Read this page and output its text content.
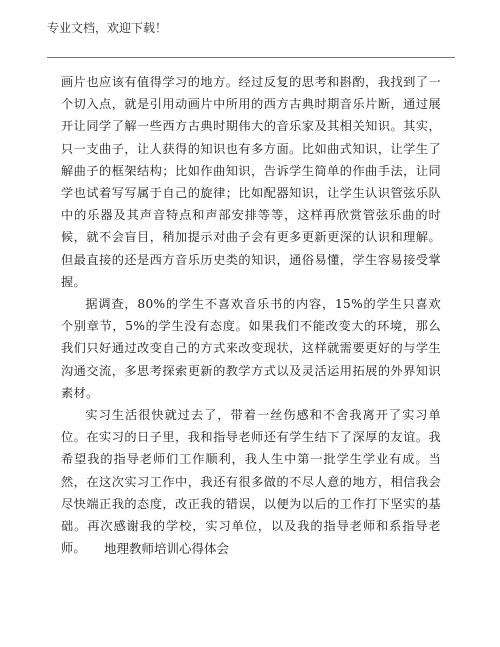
专业文档，欢迎下载！

画片也应该有值得学习的地方。经过反复的思考和斟酌，我找到了一个切入点，就是引用动画片中所用的西方古典时期音乐片断，通过展开让同学了解一些西方古典时期伟大的音乐家及其相关知识。其实，只一支曲子，让人获得的知识也有多方面。比如曲式知识，让学生了解曲子的框架结构；比如作曲知识，告诉学生简单的作曲手法，让同学也试着写写属于自己的旋律；比如配器知识，让学生认识管弦乐队中的乐器及其声音特点和声部安排等等，这样再欣赏管弦乐曲的时候，就不会盲目，稍加提示对曲子会有更多更新更深的认识和理解。但最直接的还是西方音乐历史类的知识，通俗易懂，学生容易接受掌握。

据调查，80%的学生不喜欢音乐书的内容，15%的学生只喜欢个别章节，5%的学生没有态度。如果我们不能改变大的环境，那么我们只好通过改变自己的方式来改变现状，这样就需要更好的与学生沟通交流，多思考探索更新的教学方式以及灵活运用拓展的外界知识素材。

实习生活很快就过去了，带着一丝伤感和不舍我离开了实习单位。在实习的日子里，我和指导老师还有学生结下了深厚的友谊。我希望我的指导老师们工作顺利，我人生中第一批学生学业有成。当然，在这次实习工作中，我还有很多做的不尽人意的地方，相信我会尽快端正我的态度，改正我的错误，以便为以后的工作打下坚实的基础。再次感谢我的学校，实习单位，以及我的指导老师和系指导老师。	地理教师培训心得体会
